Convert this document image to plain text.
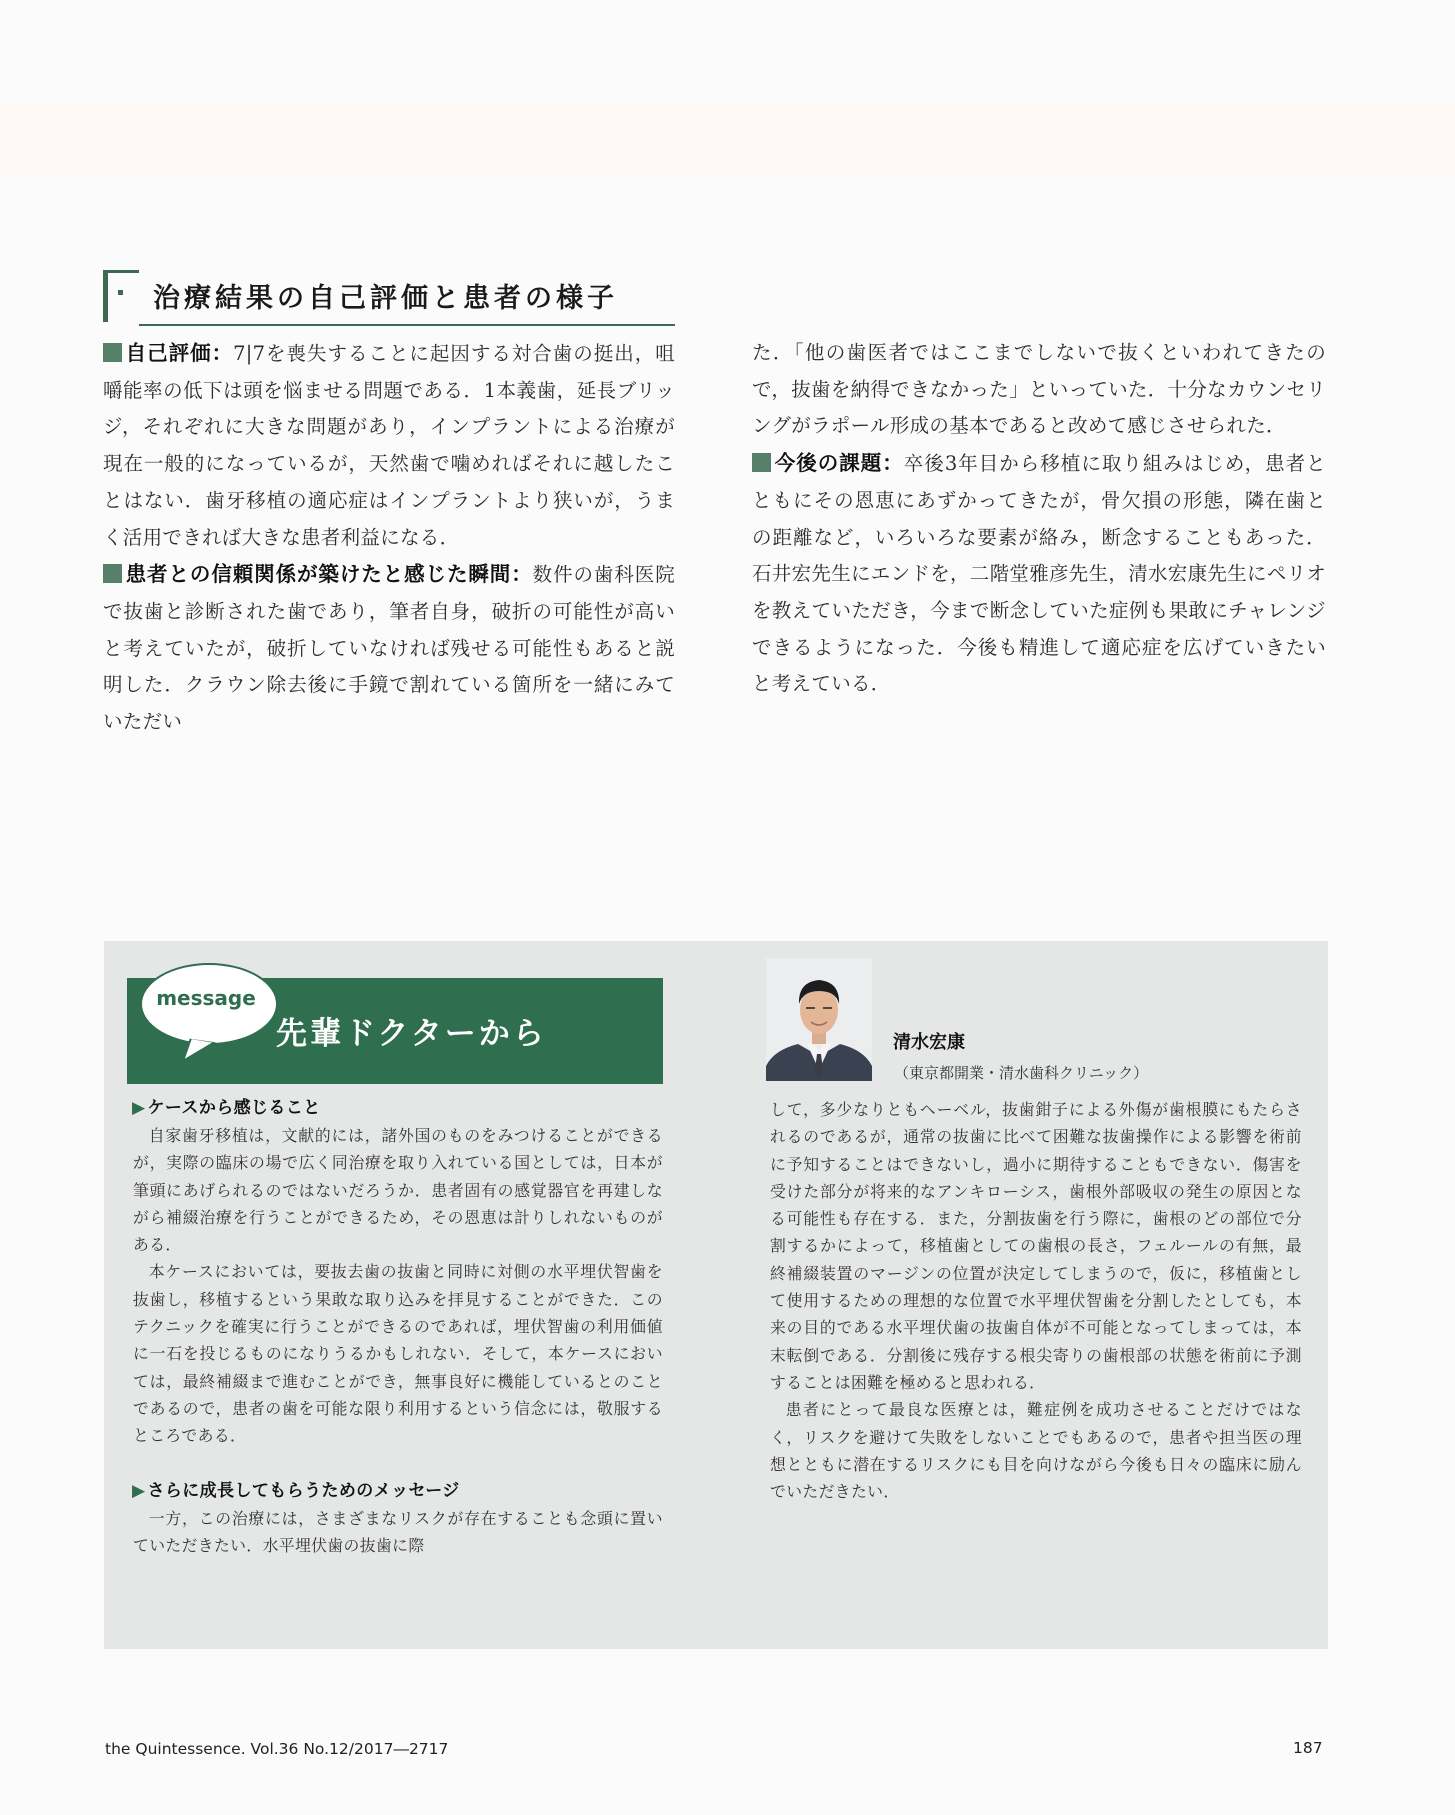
治療結果の自己評価と患者の様子

自己評価：7|7を喪失することに起因する対合歯の挺出，咀嚼能率の低下は頭を悩ませる問題である．1本義歯，延長ブリッジ，それぞれに大きな問題があり，インプラントによる治療が現在一般的になっているが，天然歯で噛めればそれに越したことはない．歯牙移植の適応症はインプラントより狭いが，うまく活用できれば大きな患者利益になる．

患者との信頼関係が築けたと感じた瞬間：数件の歯科医院で抜歯と診断された歯であり，筆者自身，破折の可能性が高いと考えていたが，破折していなければ残せる可能性もあると説明した．クラウン除去後に手鏡で割れている箇所を一緒にみていただい

た．「他の歯医者ではここまでしないで抜くといわれてきたので，抜歯を納得できなかった」といっていた．十分なカウンセリングがラポール形成の基本であると改めて感じさせられた．

今後の課題：卒後3年目から移植に取り組みはじめ，患者とともにその恩恵にあずかってきたが，骨欠損の形態，隣在歯との距離など，いろいろな要素が絡み，断念することもあった．石井宏先生にエンドを，二階堂雅彦先生，清水宏康先生にペリオを教えていただき，今まで断念していた症例も果敢にチャレンジできるようになった．今後も精進して適応症を広げていきたいと考えている．

先輩ドクターから
message
清水宏康
（東京都開業・清水歯科クリニック）
▶ ケースから感じること

自家歯牙移植は，文献的には，諸外国のものをみつけることができるが，実際の臨床の場で広く同治療を取り入れている国としては，日本が筆頭にあげられるのではないだろうか．患者固有の感覚器官を再建しながら補綴治療を行うことができるため，その恩恵は計りしれないものがある．

本ケースにおいては，要抜去歯の抜歯と同時に対側の水平埋伏智歯を抜歯し，移植するという果敢な取り込みを拝見することができた．このテクニックを確実に行うことができるのであれば，埋伏智歯の利用価値に一石を投じるものになりうるかもしれない．そして，本ケースにおいては，最終補綴まで進むことができ，無事良好に機能しているとのことであるので，患者の歯を可能な限り利用するという信念には，敬服するところである．

▶ さらに成長してもらうためのメッセージ

一方，この治療には，さまざまなリスクが存在することも念頭に置いていただきたい．水平埋伏歯の抜歯に際

して，多少なりともヘーベル，抜歯鉗子による外傷が歯根膜にもたらされるのであるが，通常の抜歯に比べて困難な抜歯操作による影響を術前に予知することはできないし，過小に期待することもできない．傷害を受けた部分が将来的なアンキローシス，歯根外部吸収の発生の原因となる可能性も存在する．また，分割抜歯を行う際に，歯根のどの部位で分割するかによって，移植歯としての歯根の長さ，フェルールの有無，最終補綴装置のマージンの位置が決定してしまうので，仮に，移植歯として使用するための理想的な位置で水平埋伏智歯を分割したとしても，本来の目的である水平埋伏歯の抜歯自体が不可能となってしまっては，本末転倒である．分割後に残存する根尖寄りの歯根部の状態を術前に予測することは困難を極めると思われる．

患者にとって最良な医療とは，難症例を成功させることだけではなく，リスクを避けて失敗をしないことでもあるので，患者や担当医の理想とともに潜在するリスクにも目を向けながら今後も日々の臨床に励んでいただきたい．

the Quintessence. Vol.36 No.12/2017―2717	187
